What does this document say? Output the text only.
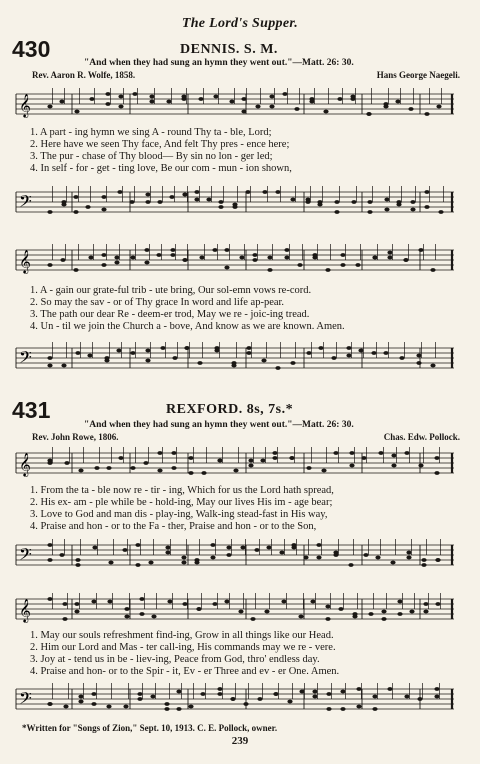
The Lord's Supper.
430	DENNIS. S. M.
"And when they had sung an hymn they went out."—Matt. 26: 30.
Rev. Aaron R. Wolfe, 1858.	Hans George Naegeli.
𝄞
1. A part - ing hymn we sing A - round Thy ta - ble, Lord;
2. Here have we seen Thy face, And felt Thy pres - ence here;
3. The pur - chase of Thy blood— By sin no lon - ger led;
4. In self - for - get - ting love, Be our com - mun - ion shown,
𝄢
𝄞
1. A - gain our grate-ful trib - ute bring, Our sol-emn vows re-cord.
2. So may the sav - or of Thy grace In word and life ap-pear.
3. The path our dear Re - deem-er trod, May we re - joic-ing tread.
4. Un - til we join the Church a - bove, And know as we are known. Amen.
𝄢
431	REXFORD. 8s, 7s.*
"And when they had sung an hymn they went out."—Matt. 26: 30.
Rev. John Rowe, 1806.	Chas. Edw. Pollock.
𝄞
1. From the ta - ble now re - tir - ing, Which for us the Lord hath spread,
2. His ex- am - ple while be - hold-ing, May our lives His im - age bear;
3. Love to God and man dis - play-ing, Walk-ing stead-fast in His way,
4. Praise and hon - or to the Fa - ther, Praise and hon - or to the Son,
𝄢
𝄞
1. May our souls refreshment find-ing, Grow in all things like our Head.
2. Him our Lord and Mas - ter call-ing, His commands may we re - vere.
3. Joy at - tend us in be - liev-ing, Peace from God, thro' endless day.
4. Praise and hon- or to the Spir - it, Ev - er Three and ev - er One. Amen.
𝄢
*Written for "Songs of Zion," Sept. 10, 1913. C. E. Pollock, owner.
239
